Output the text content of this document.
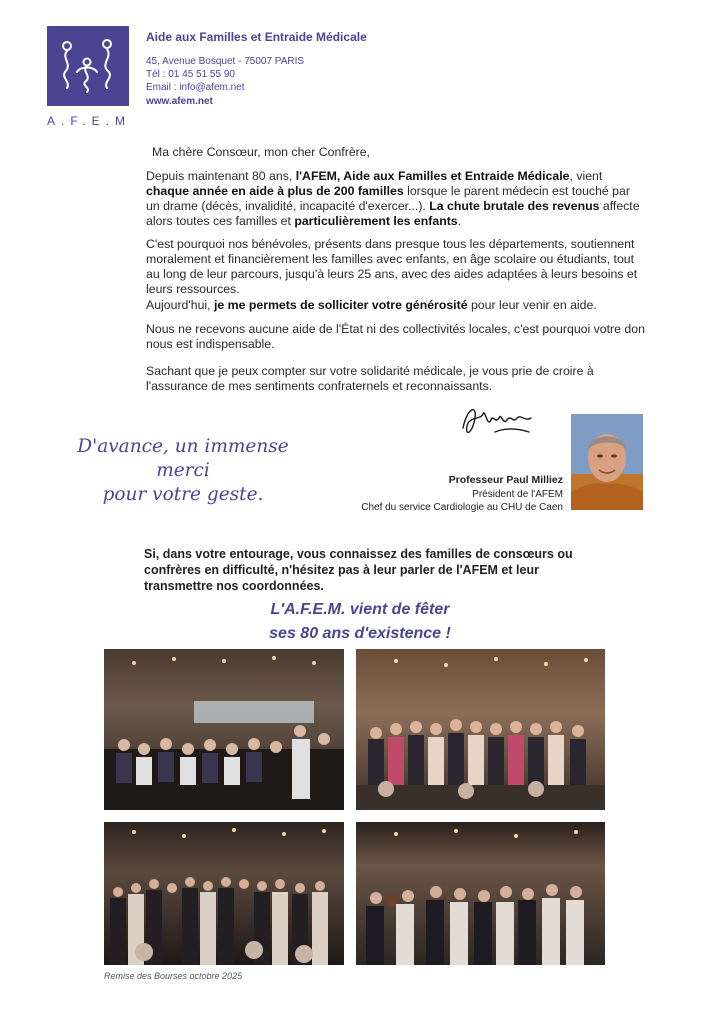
A.F.E.M
Aide aux Familles et Entraide Médicale
45, Avenue Bosquet - 75007 PARIS
Tél : 01 45 51 55 90
Email : info@afem.net
www.afem.net
Ma chère Consœur, mon cher Confrère,
Depuis maintenant 80 ans, l'AFEM, Aide aux Familles et Entraide Médicale, vient chaque année en aide à plus de 200 familles lorsque le parent médecin est touché par un drame (décès, invalidité, incapacité d'exercer...). La chute brutale des revenus affecte alors toutes ces familles et particulièrement les enfants.
C'est pourquoi nos bénévoles, présents dans presque tous les départements, soutiennent moralement et financièrement les familles avec enfants, en âge scolaire ou étudiants, tout au long de leur parcours, jusqu'à leurs 25 ans, avec des aides adaptées à leurs besoins et leurs ressources.
Aujourd'hui, je me permets de solliciter votre générosité pour leur venir en aide.
Nous ne recevons aucune aide de l'État ni des collectivités locales, c'est pourquoi votre don nous est indispensable.
Sachant que je peux compter sur votre solidarité médicale, je vous prie de croire à l'assurance de mes sentiments confraternels et reconnaissants.
D'avance, un immense merci
pour votre geste.
Professeur Paul Milliez
Président de l'AFEM
Chef du service Cardiologie au CHU de Caen
Si, dans votre entourage, vous connaissez des familles de consœurs ou confrères en difficulté, n'hésitez pas à leur parler de l'AFEM et leur transmettre nos coordonnées.
L'A.F.E.M. vient de fêter
ses 80 ans d'existence !
Remise des Bourses octobre 2025
